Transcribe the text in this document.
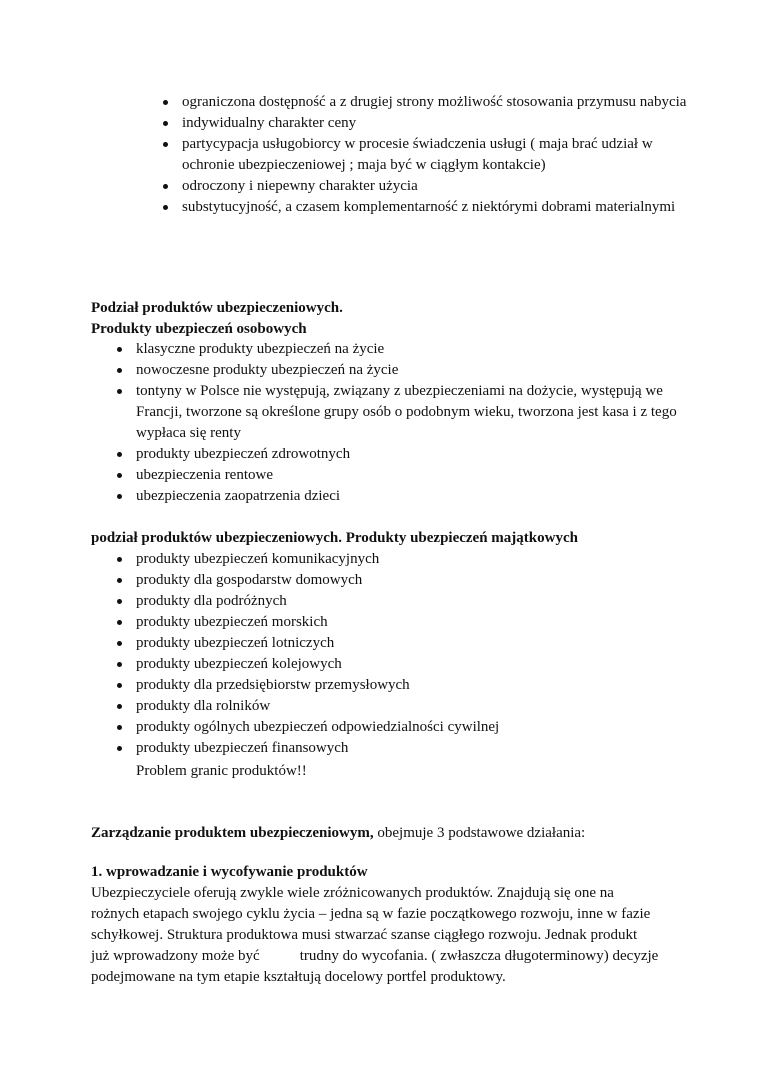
ograniczona dostępność a z drugiej strony możliwość stosowania przymusu nabycia
indywidualny charakter ceny
partycypacja usługobiorcy w procesie świadczenia usługi ( maja brać udział w ochronie ubezpieczeniowej ; maja być w ciągłym kontakcie)
odroczony i niepewny charakter użycia
substytucyjność, a czasem komplementarność z niektórymi dobrami materialnymi
Podział produktów ubezpieczeniowych.
Produkty ubezpieczeń osobowych
klasyczne produkty ubezpieczeń na życie
nowoczesne produkty ubezpieczeń na życie
tontyny w Polsce nie występują, związany z ubezpieczeniami na dożycie, występują we Francji, tworzone są określone grupy osób o podobnym wieku, tworzona jest kasa i z tego wypłaca się renty
produkty ubezpieczeń zdrowotnych
ubezpieczenia rentowe
ubezpieczenia zaopatrzenia dzieci
podział produktów ubezpieczeniowych. Produkty ubezpieczeń majątkowych
produkty ubezpieczeń komunikacyjnych
produkty dla gospodarstw domowych
produkty dla podróżnych
produkty ubezpieczeń morskich
produkty ubezpieczeń lotniczych
produkty ubezpieczeń kolejowych
produkty dla przedsiębiorstw przemysłowych
produkty dla rolników
produkty ogólnych ubezpieczeń odpowiedzialności cywilnej
produkty ubezpieczeń finansowych
Problem granic produktów!!
Zarządzanie produktem ubezpieczeniowym, obejmuje 3 podstawowe działania:
1. wprowadzanie i wycofywanie produktów

Ubezpieczyciele oferują zwykle wiele zróżnicowanych produktów. Znajdują się one na

rożnych etapach swojego cyklu życia – jedna są w fazie początkowego rozwoju, inne w fazie

schyłkowej. Struktura produktowa musi stwarzać szanse ciągłego rozwoju. Jednak produkt

już wprowadzony może być	trudny do wycofania. ( zwłaszcza długoterminowy) decyzje

podejmowane na tym etapie kształtują docelowy portfel produktowy.
